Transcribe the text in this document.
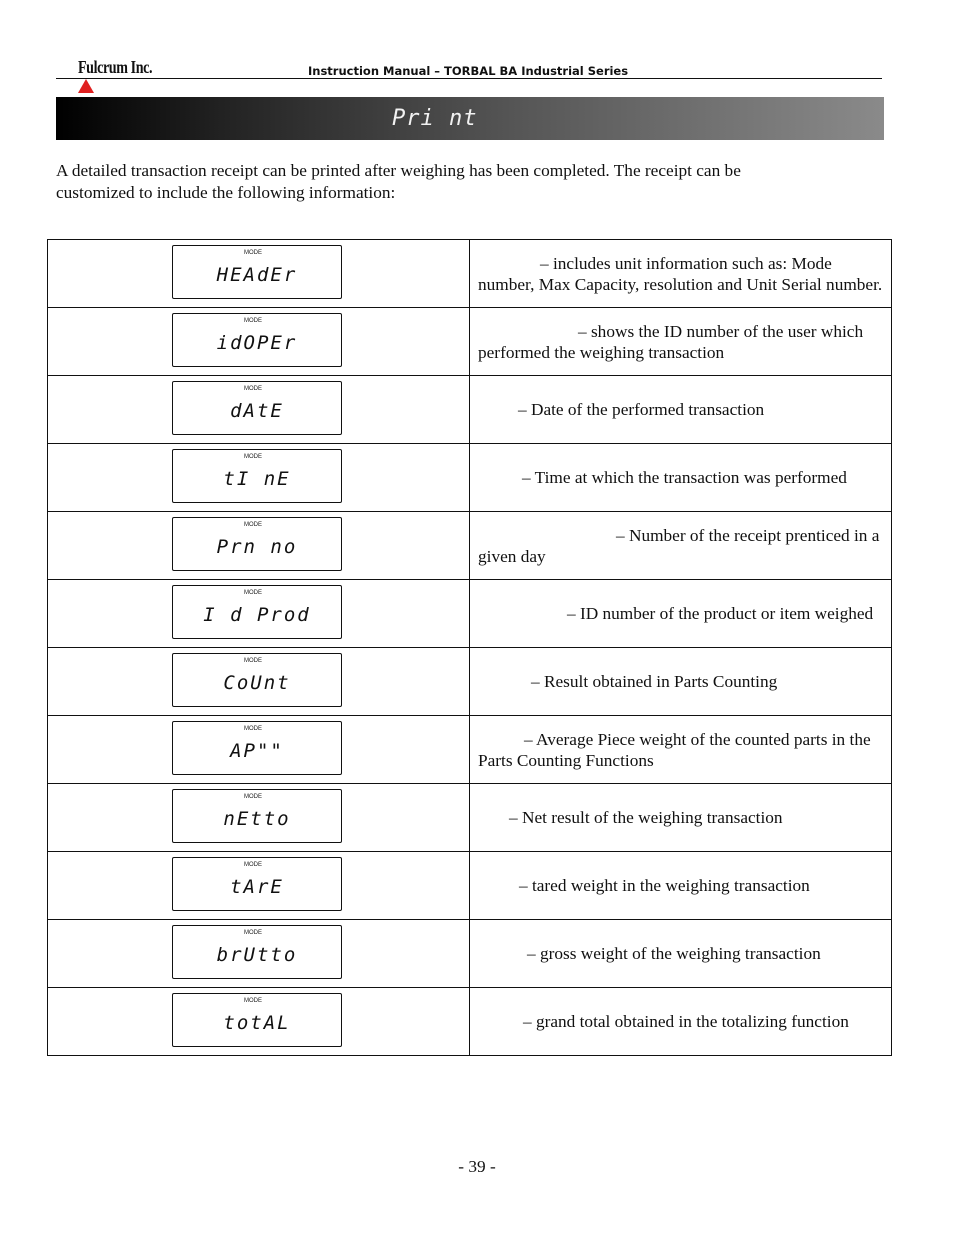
Fulcrum Inc.	Instruction Manual – TORBAL BA Industrial Series
Pri nt

A detailed transaction receipt can be printed after weighing has been completed. The receipt can be customized to include the following information:

MODE
HEAdEr	– includes unit information such as: Mode number, Max Capacity, resolution and Unit Serial number.

MODE
idOPEr	– shows the ID number of the user which performed the weighing transaction

MODE
dAtE	– Date of the performed transaction

MODE
tI nE	– Time at which the transaction was performed

MODE
Prn no	– Number of the receipt prenticed in a given day

MODE
I d Prod	– ID number of the product or item weighed

MODE
CoUnt	– Result obtained in Parts Counting

MODE
AP""	– Average Piece weight of the counted parts in the Parts Counting Functions

MODE
nEtto	– Net result of the weighing transaction

MODE
tArE	– tared weight in the weighing transaction

MODE
brUtto	– gross weight of the weighing transaction

MODE
totAL	– grand total obtained in the totalizing function
- 39 -
